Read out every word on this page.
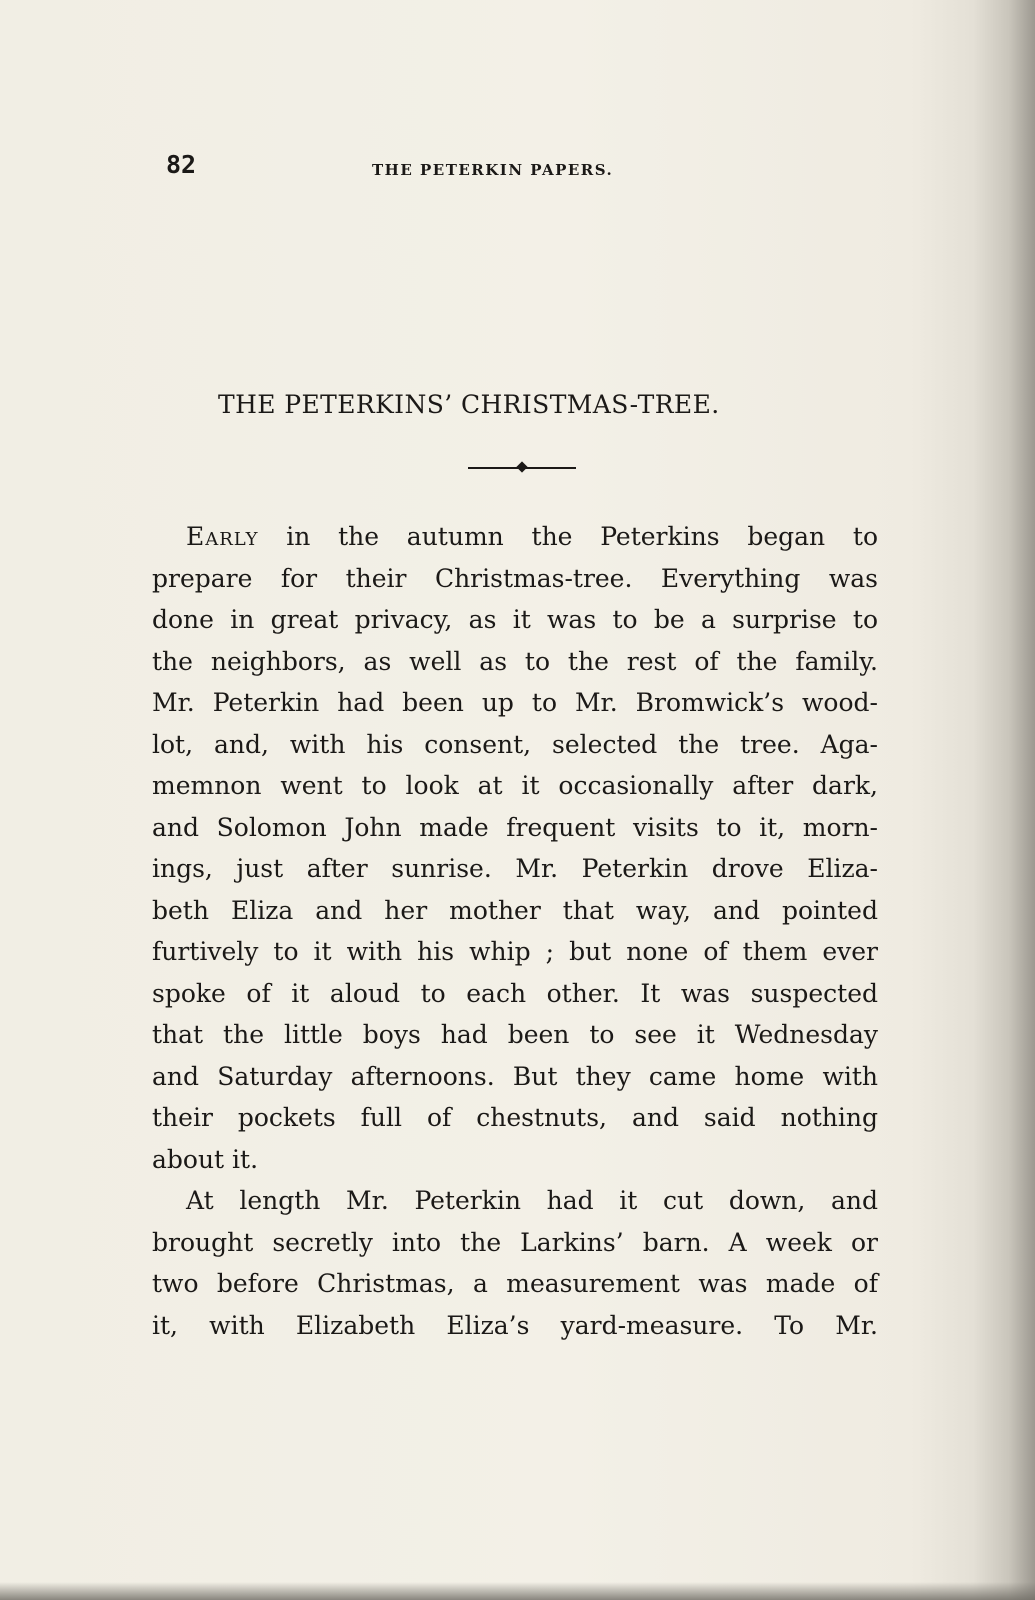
82	THE PETERKIN PAPERS.
THE PETERKINS’ CHRISTMAS-TREE.
Early in the autumn the Peterkins began to
prepare for their Christmas-tree. Everything was
done in great privacy, as it was to be a surprise to
the neighbors, as well as to the rest of the family.
Mr. Peterkin had been up to Mr. Bromwick’s wood-
lot, and, with his consent, selected the tree. Aga-
memnon went to look at it occasionally after dark,
and Solomon John made frequent visits to it, morn-
ings, just after sunrise. Mr. Peterkin drove Eliza-
beth Eliza and her mother that way, and pointed
furtively to it with his whip ; but none of them ever
spoke of it aloud to each other. It was suspected
that the little boys had been to see it Wednesday
and Saturday afternoons. But they came home with
their pockets full of chestnuts, and said nothing
about it.
At length Mr. Peterkin had it cut down, and
brought secretly into the Larkins’ barn. A week or
two before Christmas, a measurement was made of
it, with Elizabeth Eliza’s yard-measure. To Mr.
